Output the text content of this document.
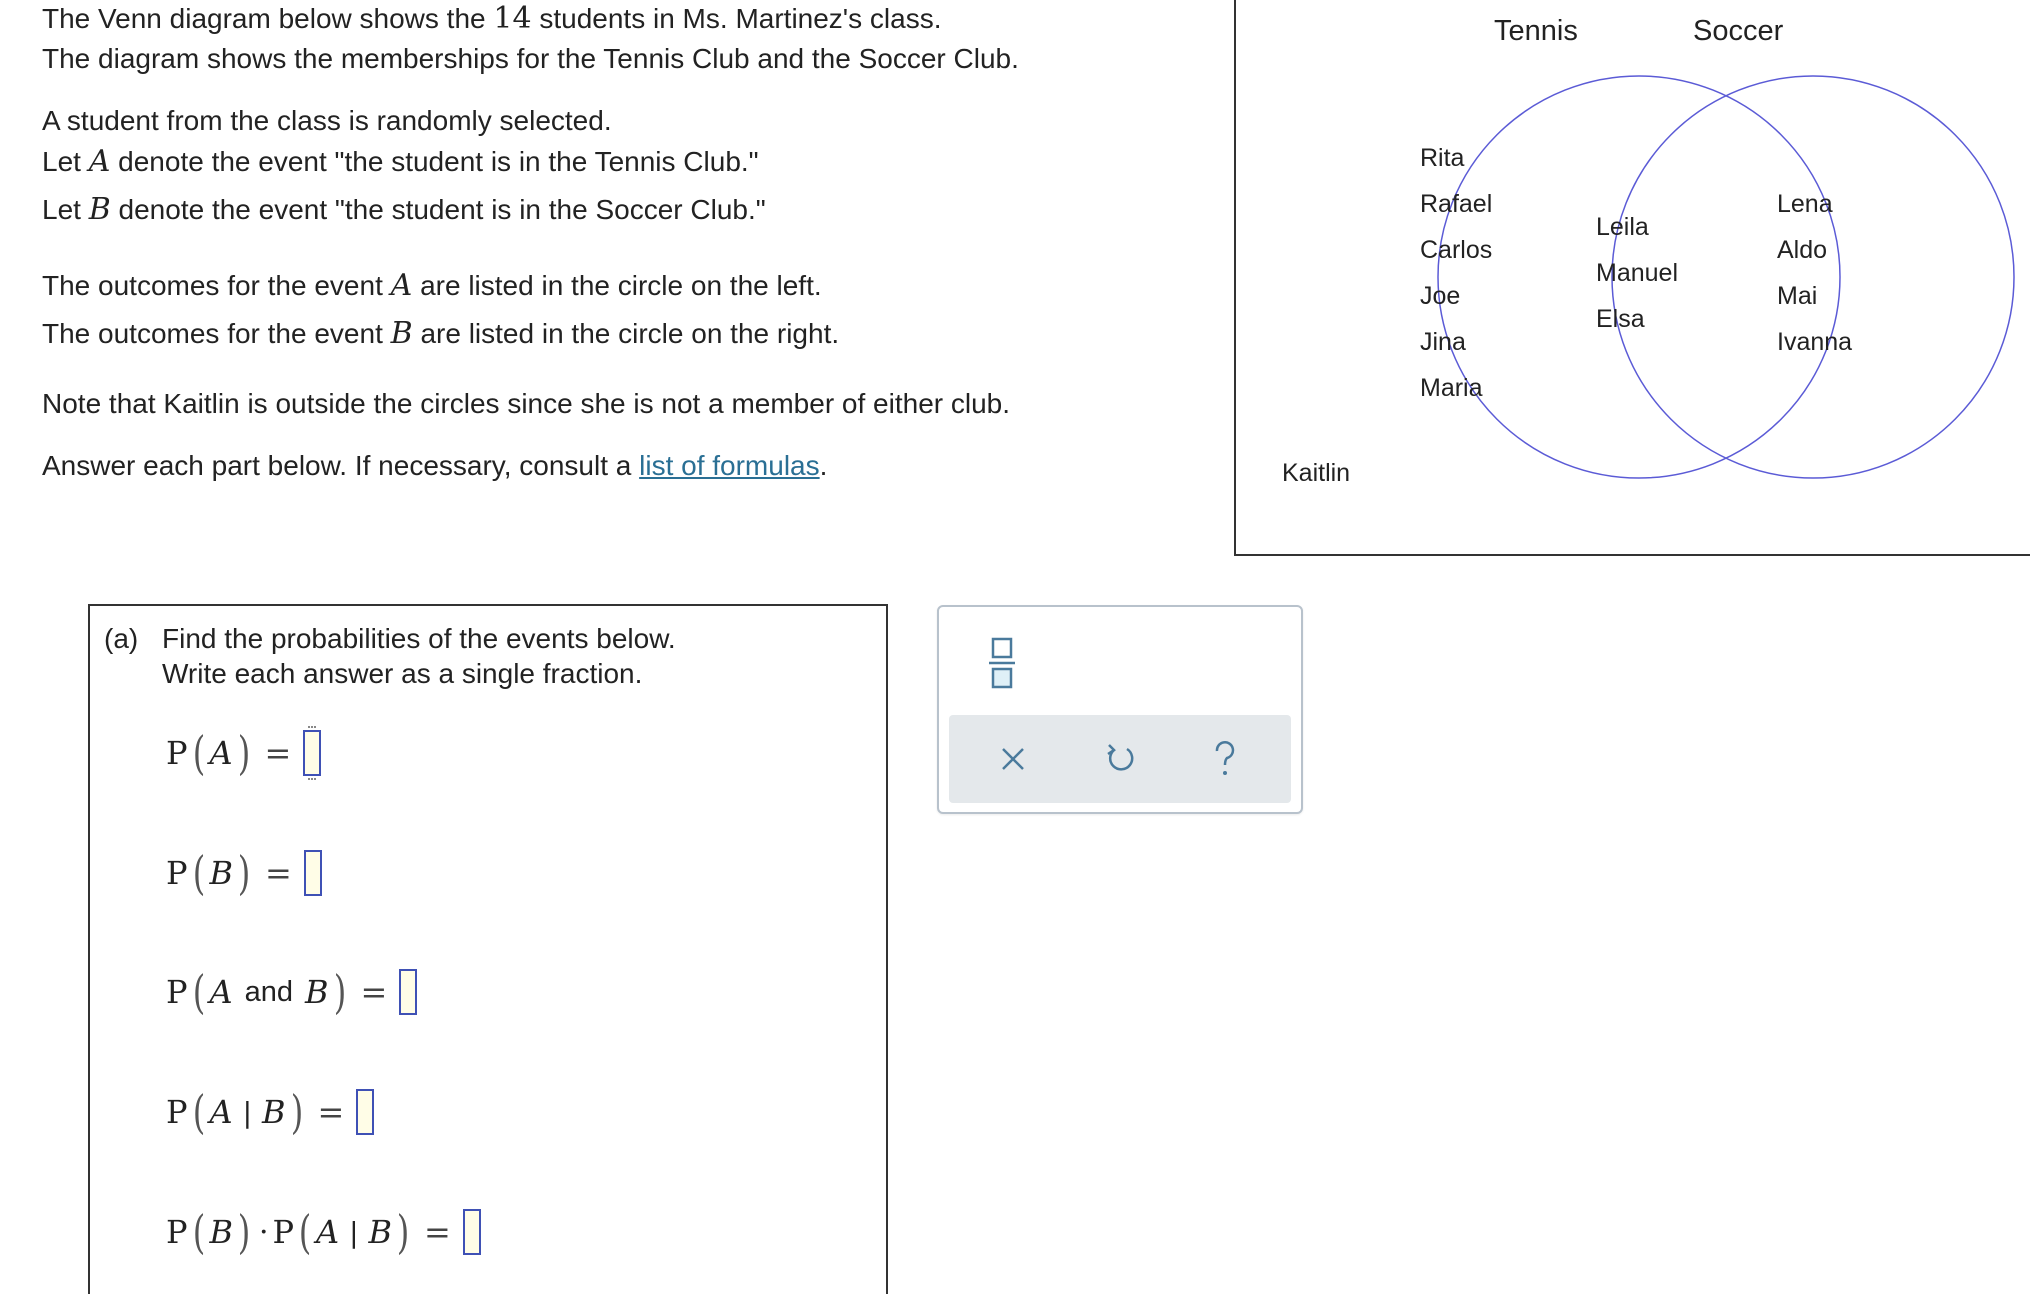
The Venn diagram below shows the 14 students in Ms. Martinez's class.
The diagram shows the memberships for the Tennis Club and the Soccer Club.
A student from the class is randomly selected.
Let A denote the event "the student is in the Tennis Club."
Let B denote the event "the student is in the Soccer Club."
The outcomes for the event A are listed in the circle on the left.
The outcomes for the event B are listed in the circle on the right.
Note that Kaitlin is outside the circles since she is not a member of either club.
Answer each part below. If necessary, consult a list of formulas.
Tennis	Soccer
Rita
Rafael
Carlos
Joe
Jina
Maria
Leila
Manuel
Elsa
Lena
Aldo
Mai
Ivanna
Kaitlin
(a) Find the probabilities of the events below.
Write each answer as a single fraction.
P ( A ) =
P ( B ) =
P ( A and B ) =
P ( A | B ) =
P ( B ) · P ( A | B ) =
